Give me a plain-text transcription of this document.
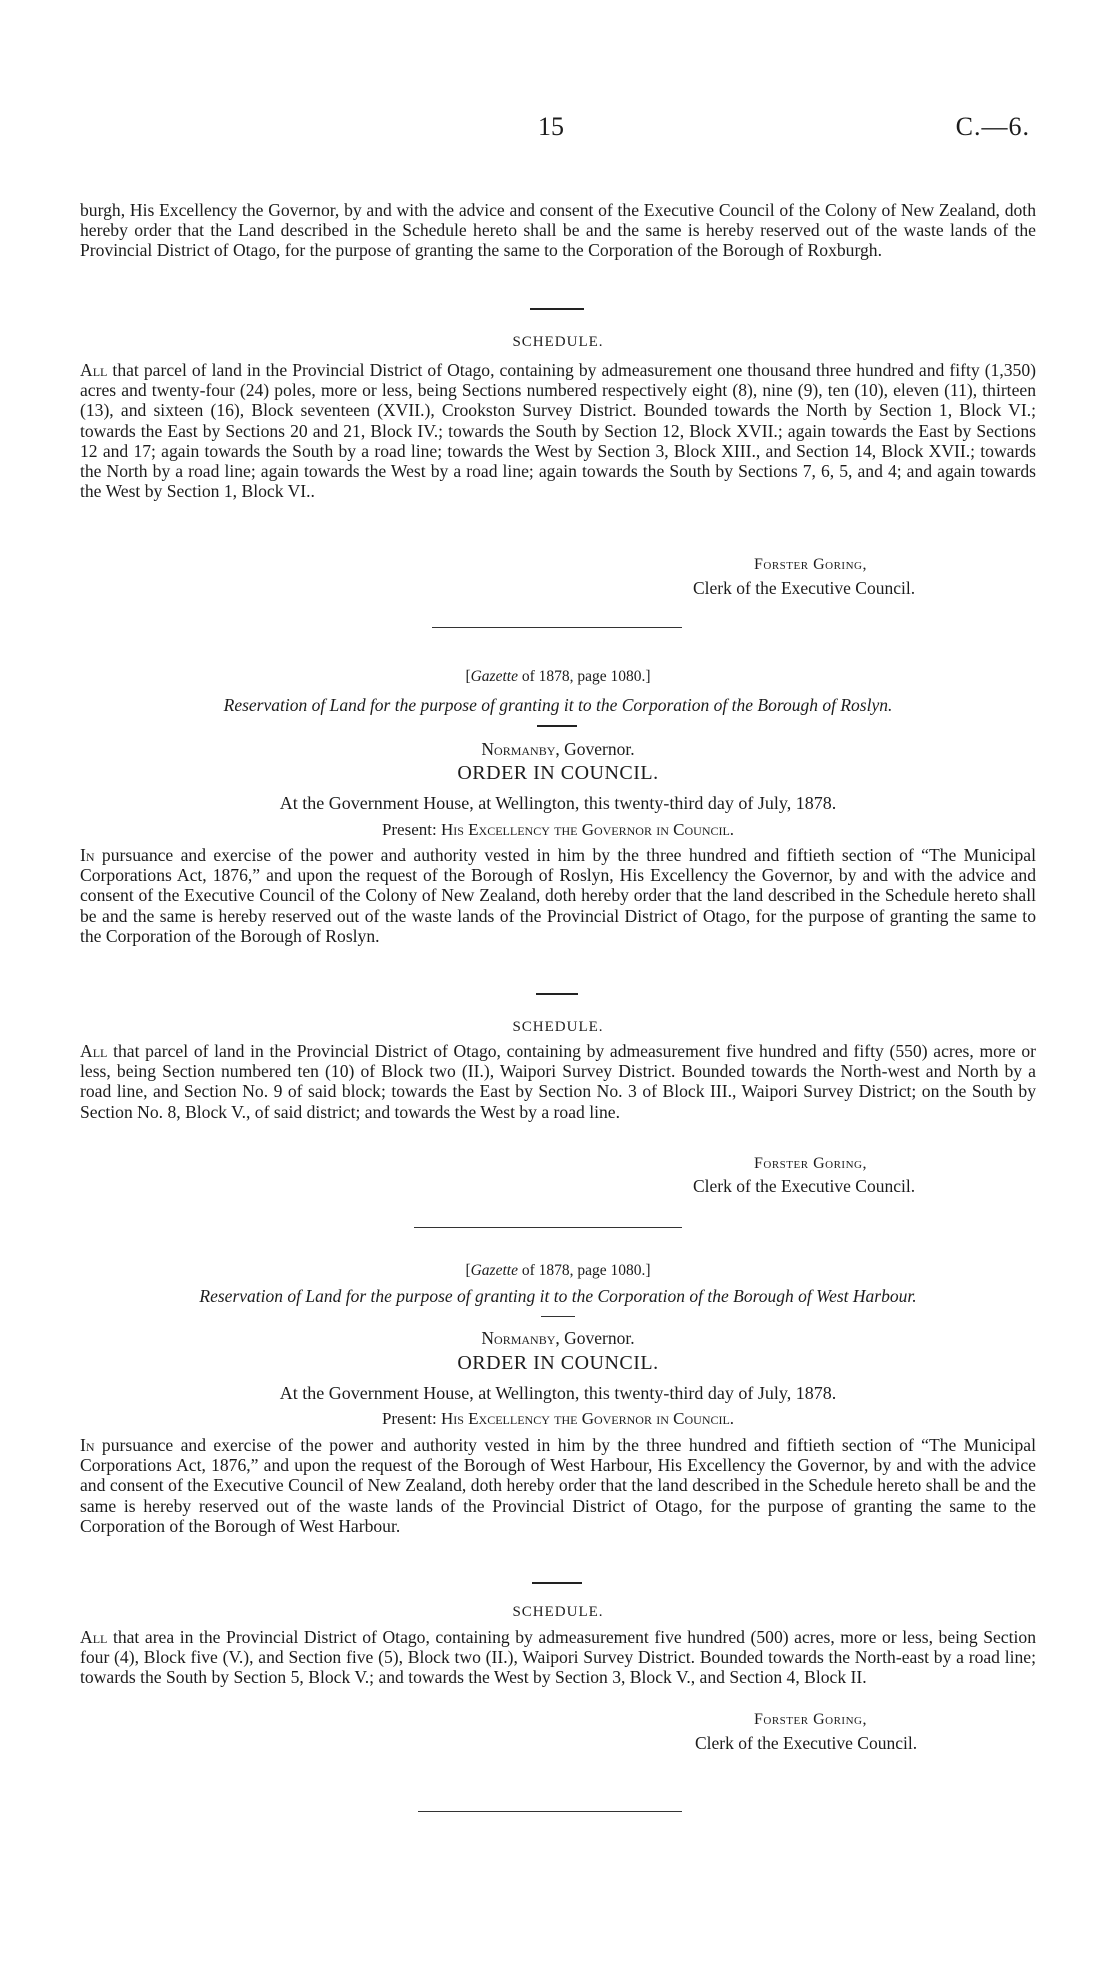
15	C.—6.
burgh, His Excellency the Governor, by and with the advice and consent of the Executive Council of the Colony of New Zealand, doth hereby order that the Land described in the Schedule hereto shall be and the same is hereby reserved out of the waste lands of the Provincial District of Otago, for the purpose of granting the same to the Corporation of the Borough of Roxburgh.
SCHEDULE.
All that parcel of land in the Provincial District of Otago, containing by admeasurement one thousand three hundred and fifty (1,350) acres and twenty-four (24) poles, more or less, being Sections numbered respectively eight (8), nine (9), ten (10), eleven (11), thirteen (13), and sixteen (16), Block seventeen (XVII.), Crookston Survey District. Bounded towards the North by Section 1, Block VI.; towards the East by Sections 20 and 21, Block IV.; towards the South by Section 12, Block XVII.; again towards the East by Sections 12 and 17; again towards the South by a road line; towards the West by Section 3, Block XIII., and Section 14, Block XVII.; towards the North by a road line; again towards the West by a road line; again towards the South by Sections 7, 6, 5, and 4; and again towards the West by Section 1, Block VI..
Forster Goring,
Clerk of the Executive Council.
[Gazette of 1878, page 1080.]
Reservation of Land for the purpose of granting it to the Corporation of the Borough of Roslyn.
Normanby, Governor.
ORDER IN COUNCIL.
At the Government House, at Wellington, this twenty-third day of July, 1878.
Present: His Excellency the Governor in Council.
In pursuance and exercise of the power and authority vested in him by the three hundred and fiftieth section of “The Municipal Corporations Act, 1876,” and upon the request of the Borough of Roslyn, His Excellency the Governor, by and with the advice and consent of the Executive Council of the Colony of New Zealand, doth hereby order that the land described in the Schedule hereto shall be and the same is hereby reserved out of the waste lands of the Provincial District of Otago, for the purpose of granting the same to the Corporation of the Borough of Roslyn.
SCHEDULE.
All that parcel of land in the Provincial District of Otago, containing by admeasurement five hundred and fifty (550) acres, more or less, being Section numbered ten (10) of Block two (II.), Waipori Survey District. Bounded towards the North-west and North by a road line, and Section No. 9 of said block; towards the East by Section No. 3 of Block III., Waipori Survey District; on the South by Section No. 8, Block V., of said district; and towards the West by a road line.
Forster Goring,
Clerk of the Executive Council.
[Gazette of 1878, page 1080.]
Reservation of Land for the purpose of granting it to the Corporation of the Borough of West Harbour.
Normanby, Governor.
ORDER IN COUNCIL.
At the Government House, at Wellington, this twenty-third day of July, 1878.
Present: His Excellency the Governor in Council.
In pursuance and exercise of the power and authority vested in him by the three hundred and fiftieth section of “The Municipal Corporations Act, 1876,” and upon the request of the Borough of West Harbour, His Excellency the Governor, by and with the advice and consent of the Executive Council of New Zealand, doth hereby order that the land described in the Schedule hereto shall be and the same is hereby reserved out of the waste lands of the Provincial District of Otago, for the purpose of granting the same to the Corporation of the Borough of West Harbour.
SCHEDULE.
All that area in the Provincial District of Otago, containing by admeasurement five hundred (500) acres, more or less, being Section four (4), Block five (V.), and Section five (5), Block two (II.), Waipori Survey District. Bounded towards the North-east by a road line; towards the South by Section 5, Block V.; and towards the West by Section 3, Block V., and Section 4, Block II.
Forster Goring,
Clerk of the Executive Council.
